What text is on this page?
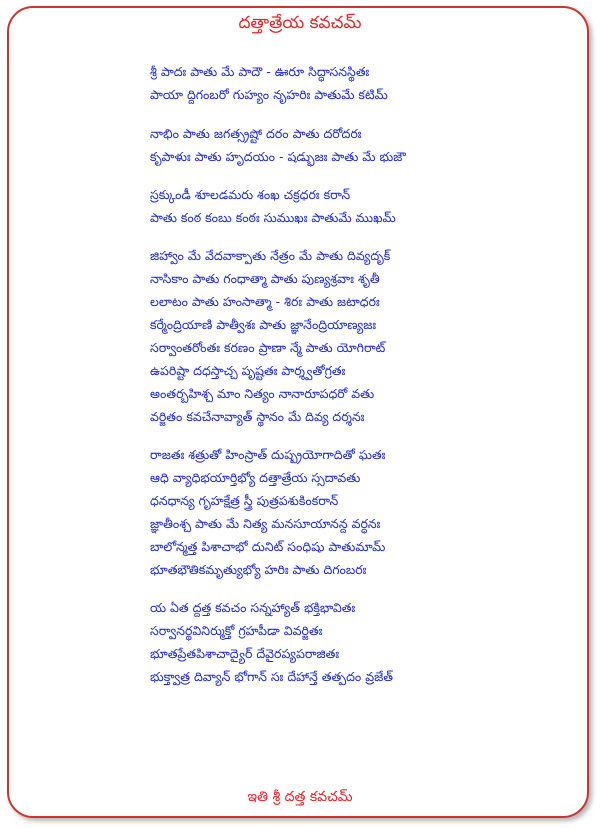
దత్తాత్రేయ కవచమ్
శ్రీ పాదః పాతు మే పాదౌ - ఊరూ సిద్ధాసనస్థితః
పాయా ద్దిగంబరో గుహ్యం నృహరిః పాతుమే కటిమ్
నాభిం పాతు జగత్స్రష్టో దరం పాతు దరోదరః
కృపాళుః పాతు హృదయం - షడ్భుజః పాతు మే భుజౌ
స్రక్కుండీ శూలడమరు శంఖ చక్రధరః కరాన్
పాతు కంఠ కంబు కంఠః సుముఖః పాతుమే ముఖమ్
జిహ్వాం మే వేదవాక్పాతు నేత్రం మే పాతు దివ్యదృక్
నాసికాం పాతు గంధాత్మా పాతు పుణ్యశ్రవాః శృతీ
లలాటం పాతు హంసాత్మా - శిరః పాతు జటాధరః
కర్మేంద్రియాణి పాత్వీశః పాతు జ్ఞానేంద్రియాణ్యజః
సర్వాంతరోంతః కరణం ప్రాణా న్మే పాతు యోగిరాట్
ఉపరిష్టా దధస్తాచ్చ పృష్టతః పార్శ్వతోగ్రతః
అంతర్బహిశ్చ మాం నిత్యం నానారూపధరో వతు
వర్జితం కవచేనావ్యాత్ స్థానం మే దివ్య దర్శనః
రాజతః శత్రుతో హింస్రాత్ దుష్ప్రయోగాదితో ఘతః
ఆధి వ్యాధిభయార్తిభ్యో దత్తాత్రేయ స్సదావతు
ధనధాన్య గృహక్షేత్ర స్త్రీ పుత్రపశుకింకరాన్
జ్ఞాతీంశ్చ పాతు మే నిత్య మనసూయానన్ద వర్ధనః
బాలోన్మత్త పిశాచాభో దునిట్ సంధిషు పాతుమామ్
భూతభౌతికమృత్యుభ్యో హరిః పాతు దిగంబరః
య ఏత ద్దత్త కవచం సన్నహ్యాత్ భక్తిభావితః
సర్వానర్థవినిర్ముక్తో గ్రహపీడా వివర్జితః
భూతప్రేతపిశాచాద్యైర్ దేవైరప్యపరాజితః
భుక్త్వాత్ర దివ్యాన్ భోగాన్ సః దేహాన్తే తత్పదం వ్రజేత్
ఇతి శ్రీ దత్త కవచమ్
